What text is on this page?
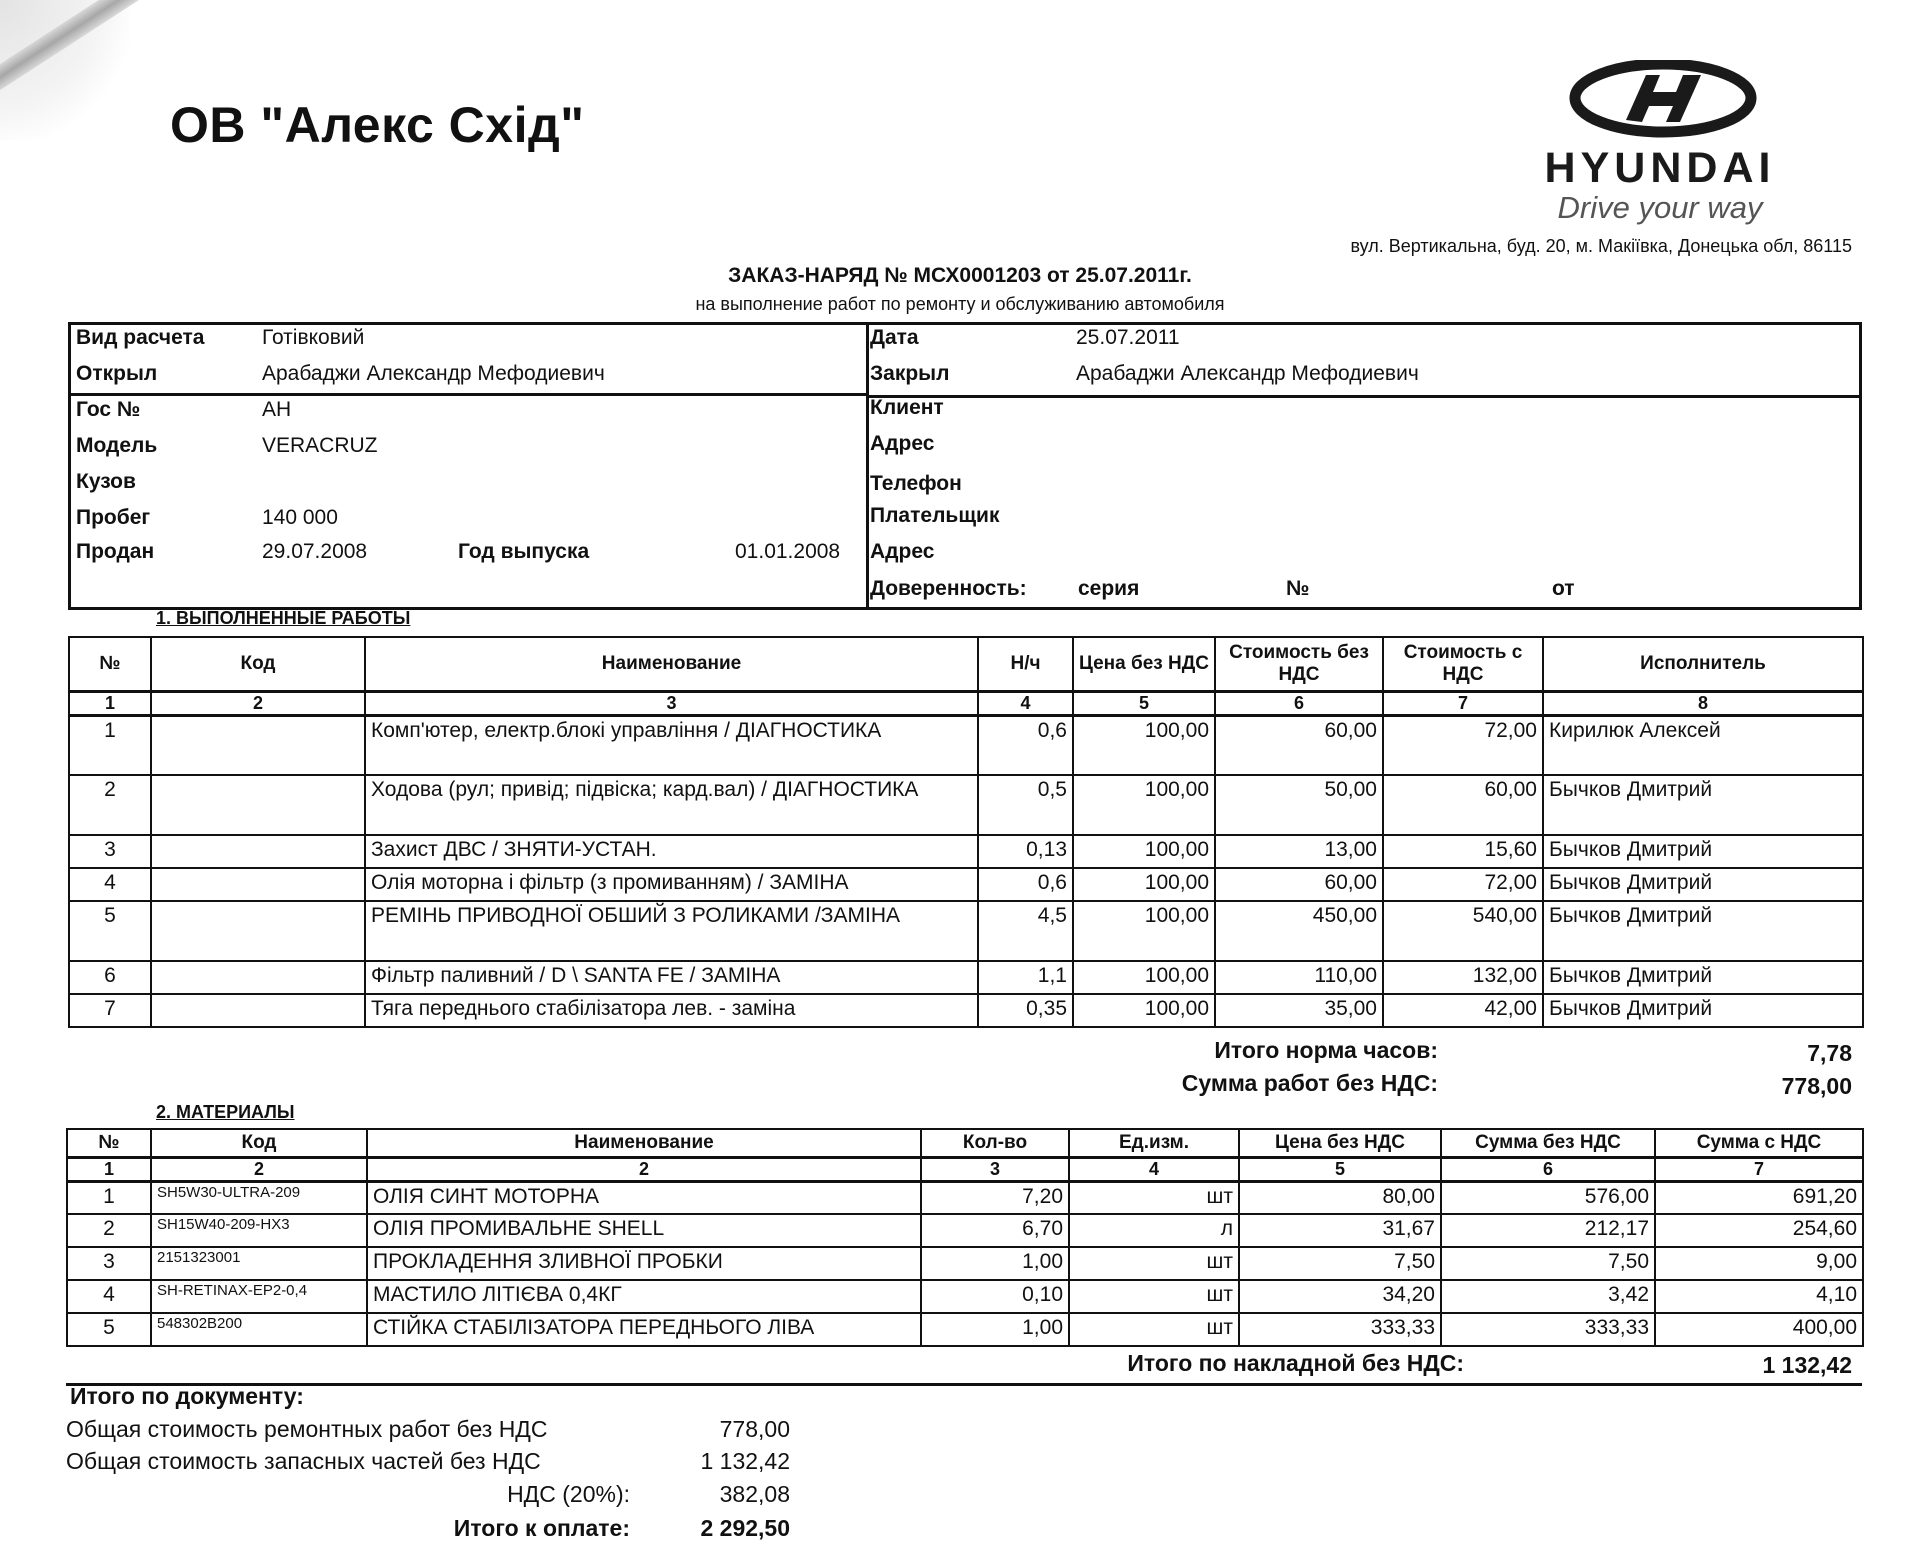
ОВ "Алекс Схід"
HYUNDAI
Drive your way
вул. Вертикальна, буд. 20, м. Макіївка, Донецька обл, 86115
ЗАКАЗ-НАРЯД № МСХ0001203 от 25.07.2011г.
на выполнение работ по ремонту и обслуживанию автомобиля
Вид расчета	Готівковий
Открыл	Арабаджи Александр Мефодиевич
Гос №	АН
Модель	VERACRUZ
Кузов
Пробег	140 000
Продан	29.07.2008	Год выпуска	01.01.2008
Дата	25.07.2011
Закрыл	Арабаджи Александр Мефодиевич
Клиент
Адрес
Телефон
Плательщик
Адрес
Доверенность: серия	№	от
1. ВЫПОЛНЕННЫЕ РАБОТЫ
№	Код	Наименование	Н/ч	Цена без НДС	Стоимость без НДС	Стоимость с НДС	Исполнитель
1	2	3	4	5	6	7	8
1		Комп'ютер, електр.блокі управління / ДІАГНОСТИКА	0,6	100,00	60,00	72,00	Кирилюк Алексей
2		Ходова (рул; привід; підвіска; кард.вал) / ДІАГНОСТИКА	0,5	100,00	50,00	60,00	Бычков Дмитрий
3		Захист ДВС / ЗНЯТИ-УСТАН.	0,13	100,00	13,00	15,60	Бычков Дмитрий
4		Олія моторна і фільтр (з промиванням) / ЗАМІНА	0,6	100,00	60,00	72,00	Бычков Дмитрий
5		РЕМІНЬ ПРИВОДНОЇ ОБШИЙ З РОЛИКАМИ /ЗАМІНА	4,5	100,00	450,00	540,00	Бычков Дмитрий
6		Фільтр паливний / D \ SANTA FE / ЗАМІНА	1,1	100,00	110,00	132,00	Бычков Дмитрий
7		Тяга переднього стабілізатора лев. - заміна	0,35	100,00	35,00	42,00	Бычков Дмитрий
Итого норма часов:	7,78
Сумма работ без НДС:	778,00
2. МАТЕРИАЛЫ
№	Код	Наименование	Кол-во	Ед.изм.	Цена без НДС	Сумма без НДС	Сумма с НДС
1	2	2	3	4	5	6	7
1	SH5W30-ULTRA-209	ОЛІЯ СИНТ МОТОРНА	7,20	шт	80,00	576,00	691,20
2	SH15W40-209-HX3	ОЛІЯ ПРОМИВАЛЬНЕ SHELL	6,70	л	31,67	212,17	254,60
3	2151323001	ПРОКЛАДЕННЯ ЗЛИВНОЇ ПРОБКИ	1,00	шт	7,50	7,50	9,00
4	SH-RETINAX-EP2-0,4	МАСТИЛО ЛІТІЄВА 0,4КГ	0,10	шт	34,20	3,42	4,10
5	548302B200	СТІЙКА СТАБІЛІЗАТОРА ПЕРЕДНЬОГО ЛІВА	1,00	шт	333,33	333,33	400,00
Итого по накладной без НДС:	1 132,42
Итого по документу:
Общая стоимость ремонтных работ без НДС	778,00
Общая стоимость запасных частей без НДС	1 132,42
НДС (20%):	382,08
Итого к оплате:	2 292,50
